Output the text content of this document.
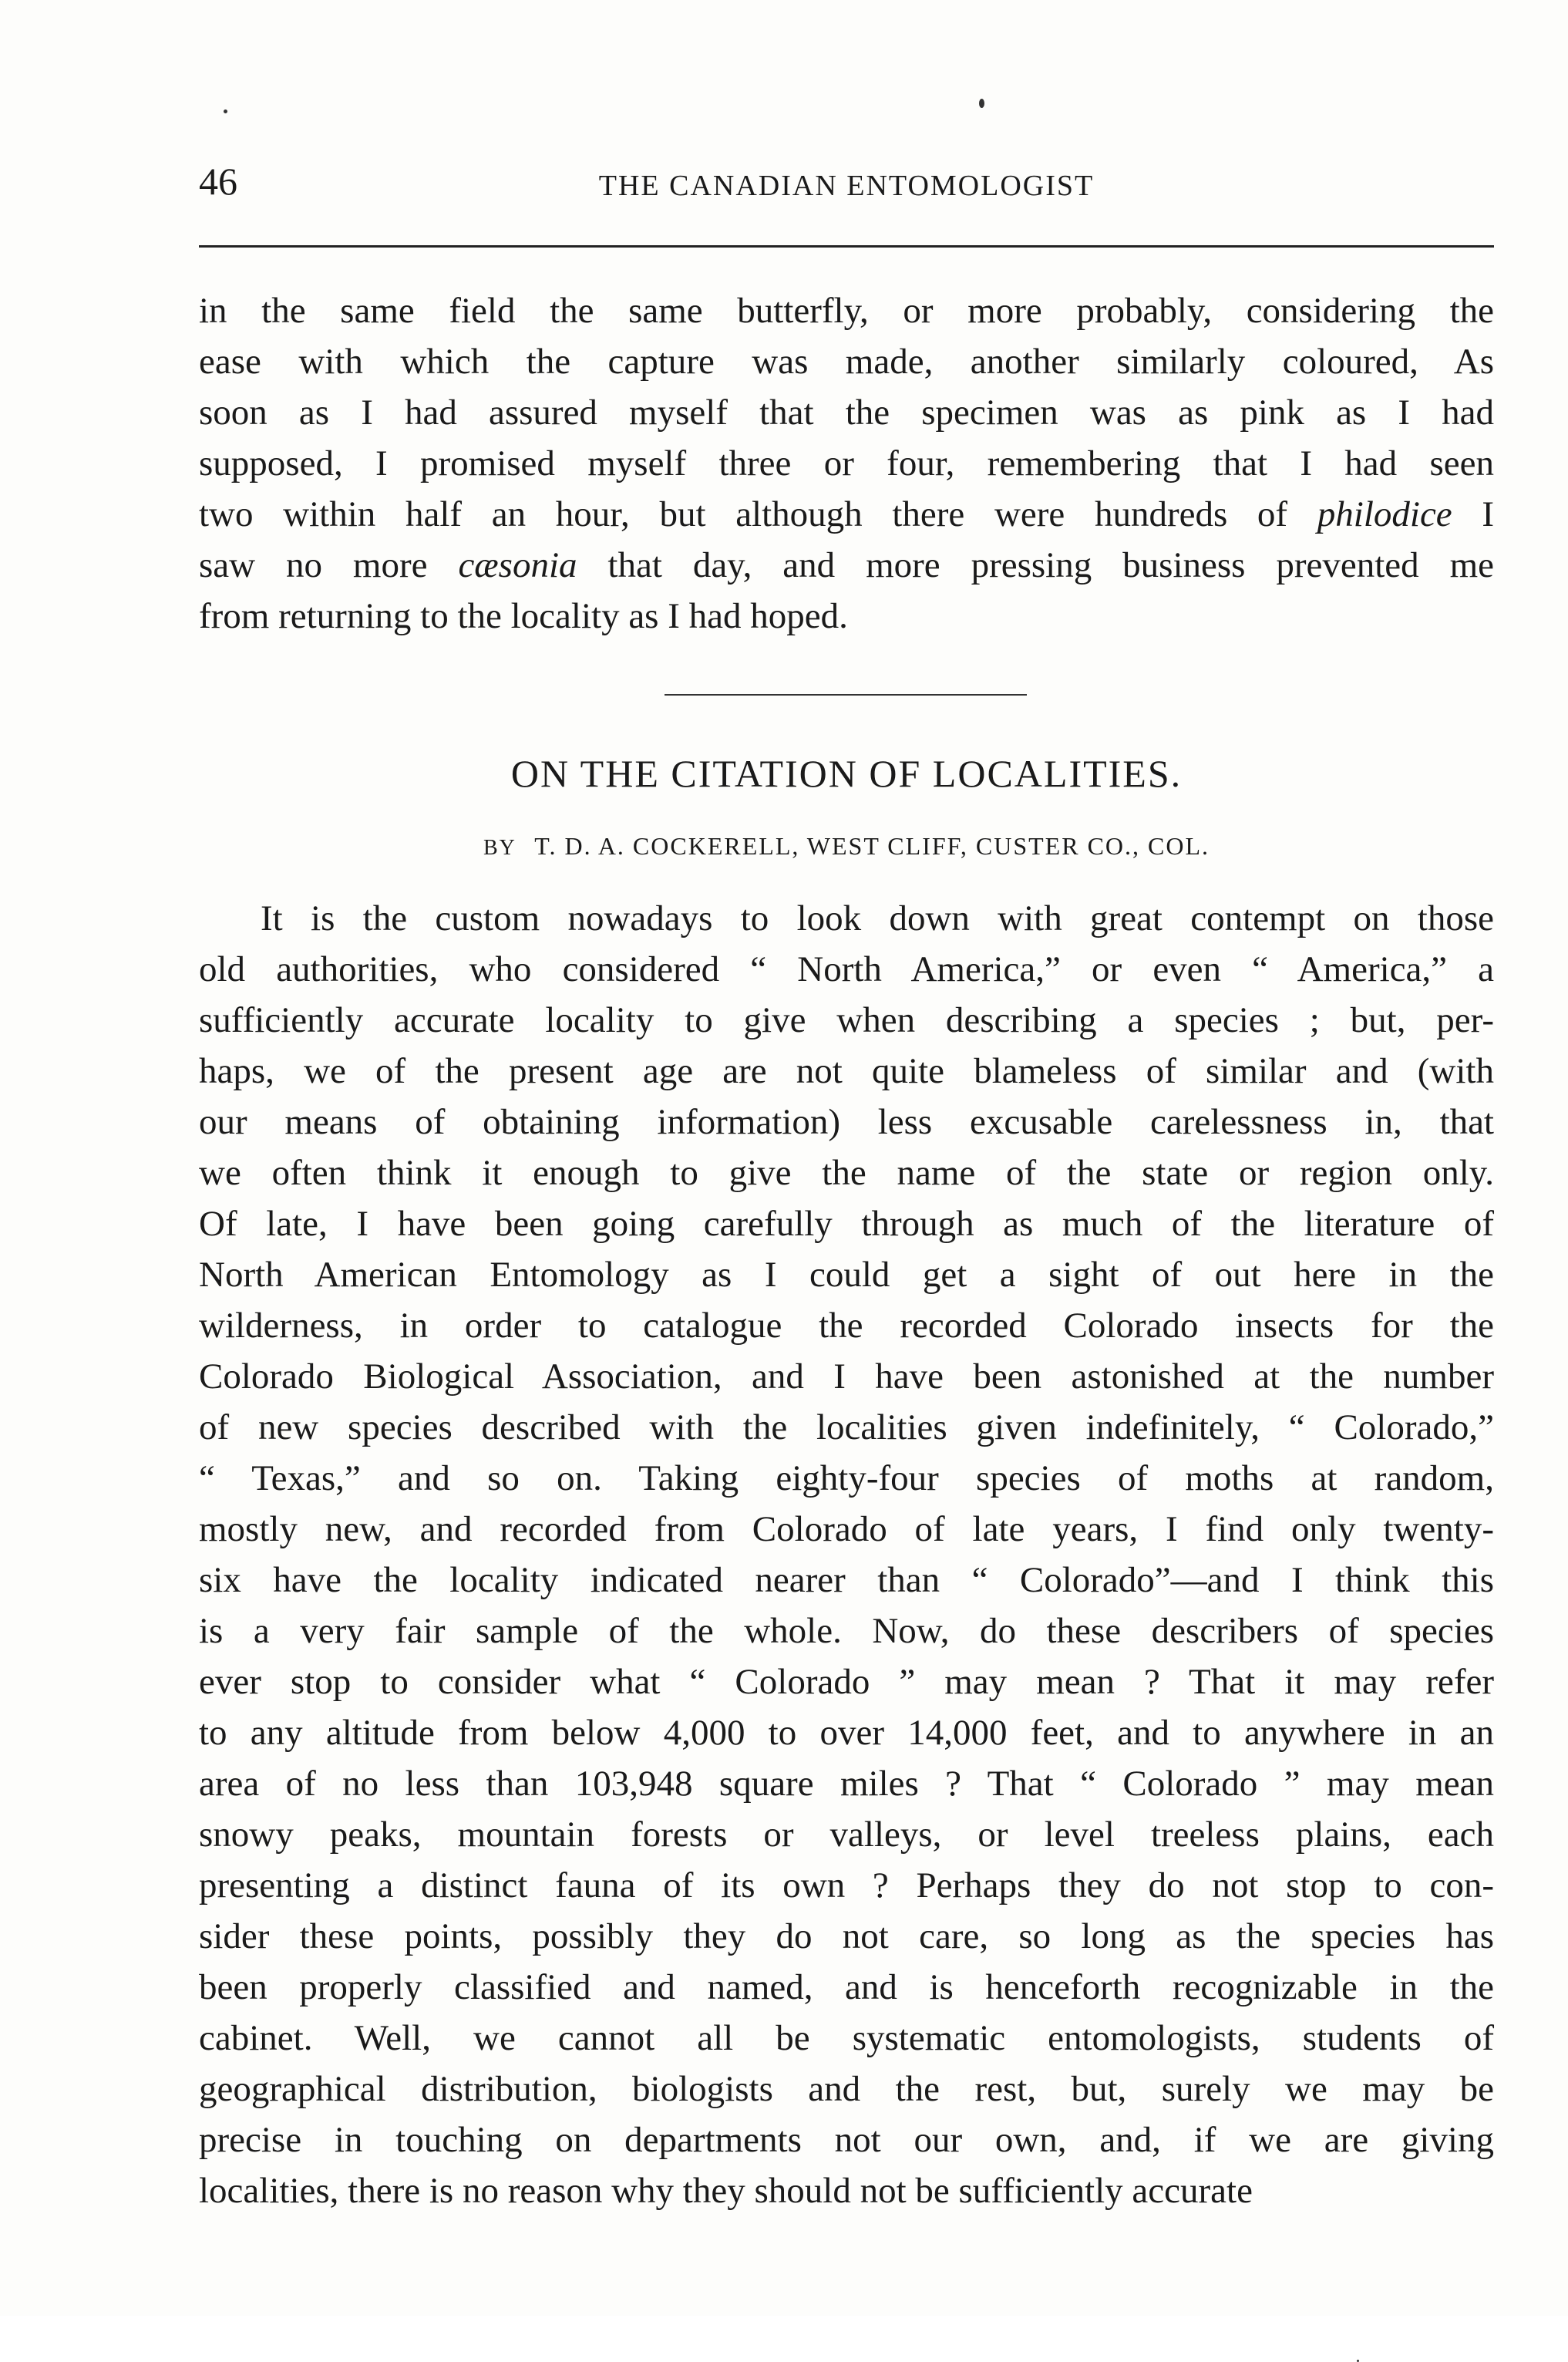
46	THE CANADIAN ENTOMOLOGIST
in the same field the same butterfly, or more probably, considering the
ease with which the capture was made, another similarly coloured, As
soon as I had assured myself that the specimen was as pink as I had
supposed, I promised myself three or four, remembering that I had seen
two within half an hour, but although there were hundreds of philodice I
saw no more cæsonia that day, and more pressing business prevented me
from returning to the locality as I had hoped.
ON THE CITATION OF LOCALITIES.
BY T. D. A. COCKERELL, WEST CLIFF, CUSTER CO., COL.
It is the custom nowadays to look down with great contempt on those
old authorities, who considered “ North America,” or even “ America,” a
sufficiently accurate locality to give when describing a species ; but, per-
haps, we of the present age are not quite blameless of similar and (with
our means of obtaining information) less excusable carelessness in, that
we often think it enough to give the name of the state or region only.
Of late, I have been going carefully through as much of the literature of
North American Entomology as I could get a sight of out here in the
wilderness, in order to catalogue the recorded Colorado insects for the
Colorado Biological Association, and I have been astonished at the number
of new species described with the localities given indefinitely, “ Colorado,”
“ Texas,” and so on. Taking eighty-four species of moths at random,
mostly new, and recorded from Colorado of late years, I find only twenty-
six have the locality indicated nearer than “ Colorado”—and I think this
is a very fair sample of the whole. Now, do these describers of species
ever stop to consider what “ Colorado ” may mean ? That it may refer
to any altitude from below 4,000 to over 14,000 feet, and to anywhere in an
area of no less than 103,948 square miles ? That “ Colorado ” may mean
snowy peaks, mountain forests or valleys, or level treeless plains, each
presenting a distinct fauna of its own ? Perhaps they do not stop to con-
sider these points, possibly they do not care, so long as the species has
been properly classified and named, and is henceforth recognizable in the
cabinet. Well, we cannot all be systematic entomologists, students of
geographical distribution, biologists and the rest, but, surely we may be
precise in touching on departments not our own, and, if we are giving
localities, there is no reason why they should not be sufficiently accurate
